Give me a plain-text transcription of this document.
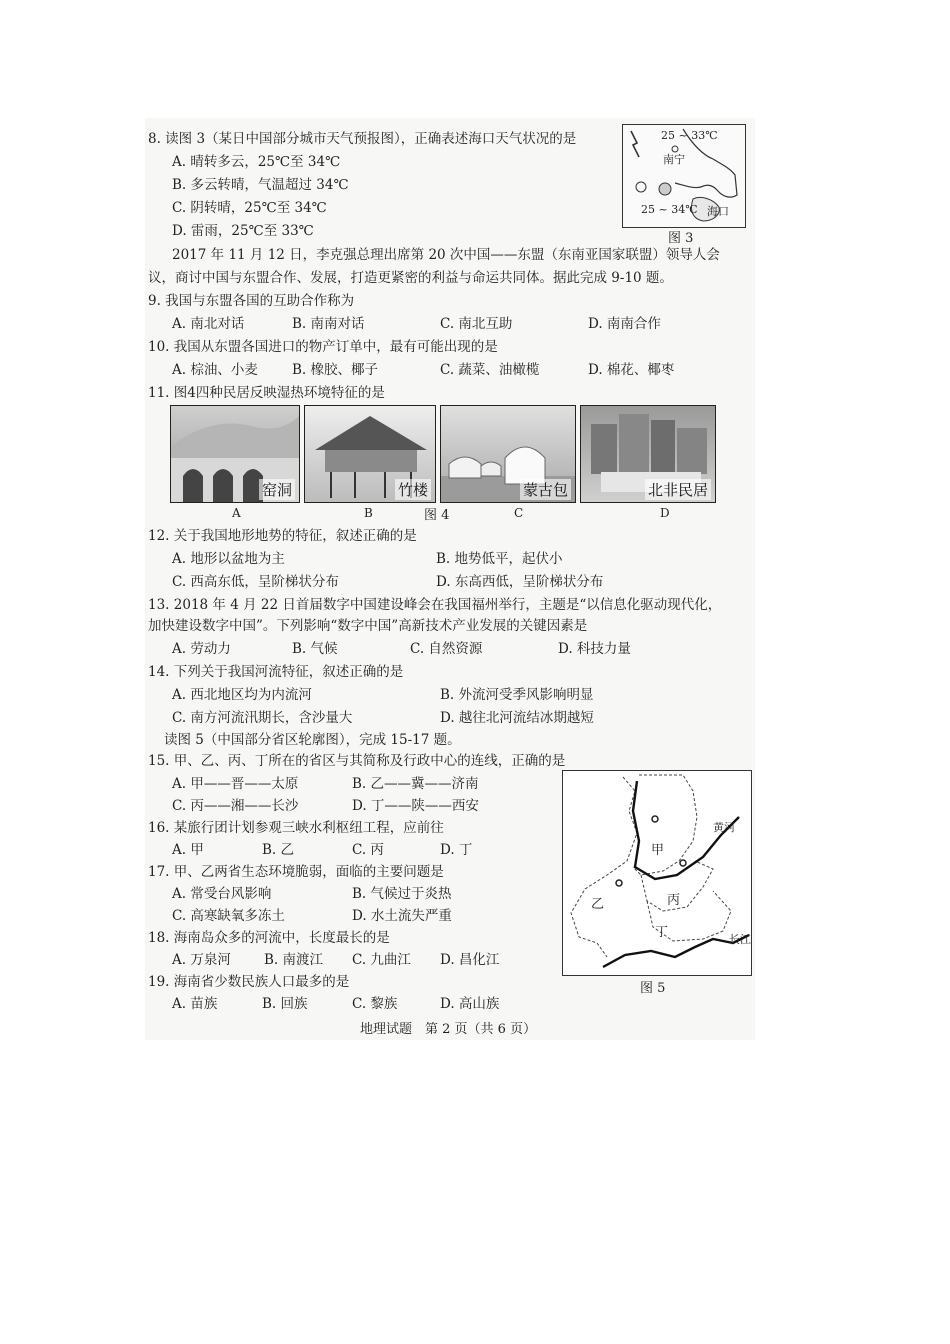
8. 读图 3（某日中国部分城市天气预报图），正确表述海口天气状况的是
A. 晴转多云，25℃至 34℃
B. 多云转晴，气温超过 34℃
C. 阴转晴，25℃至 34℃
D. 雷雨，25℃至 33℃
25 ~ 33℃
南宁
25 ~ 34℃ 海口
图 3
2017 年 11 月 12 日，李克强总理出席第 20 次中国——东盟（东南亚国家联盟）领导人会
议，商讨中国与东盟合作、发展，打造更紧密的利益与命运共同体。据此完成 9-10 题。
9. 我国与东盟各国的互助合作称为
A. 南北对话	B. 南南对话	C. 南北互助	D. 南南合作
10. 我国从东盟各国进口的物产订单中，最有可能出现的是
A. 棕油、小麦	B. 橡胶、椰子	C. 蔬菜、油橄榄	D. 棉花、椰枣
11. 图4四种民居反映湿热环境特征的是
窑洞	竹楼	蒙古包	北非民居
A	B	图 4	C	D
12. 关于我国地形地势的特征，叙述正确的是
A. 地形以盆地为主	B. 地势低平，起伏小
C. 西高东低，呈阶梯状分布	D. 东高西低，呈阶梯状分布
13. 2018 年 4 月 22 日首届数字中国建设峰会在我国福州举行，主题是“以信息化驱动现代化，
加快建设数字中国”。下列影响“数字中国”高新技术产业发展的关键因素是
A. 劳动力	B. 气候	C. 自然资源	D. 科技力量
14. 下列关于我国河流特征，叙述正确的是
A. 西北地区均为内流河	B. 外流河受季风影响明显
C. 南方河流汛期长，含沙量大	D. 越往北河流结冰期越短
读图 5（中国部分省区轮廓图），完成 15-17 题。
15. 甲、乙、丙、丁所在的省区与其简称及行政中心的连线，正确的是
A. 甲——晋——太原	B. 乙——冀——济南
C. 丙——湘——长沙	D. 丁——陕——西安
16. 某旅行团计划参观三峡水利枢纽工程，应前往
A. 甲	B. 乙	C. 丙	D. 丁
17. 甲、乙两省生态环境脆弱，面临的主要问题是
A. 常受台风影响	B. 气候过于炎热
C. 高寒缺氧多冻土	D. 水土流失严重
18. 海南岛众多的河流中，长度最长的是
A. 万泉河 B. 南渡江 C. 九曲江 D. 昌化江
19. 海南省少数民族人口最多的是
A. 苗族	B. 回族	C. 黎族	D. 高山族
黄河
长江
甲
乙	丙
丁
图 5
地理试题　第 2 页（共 6 页）
